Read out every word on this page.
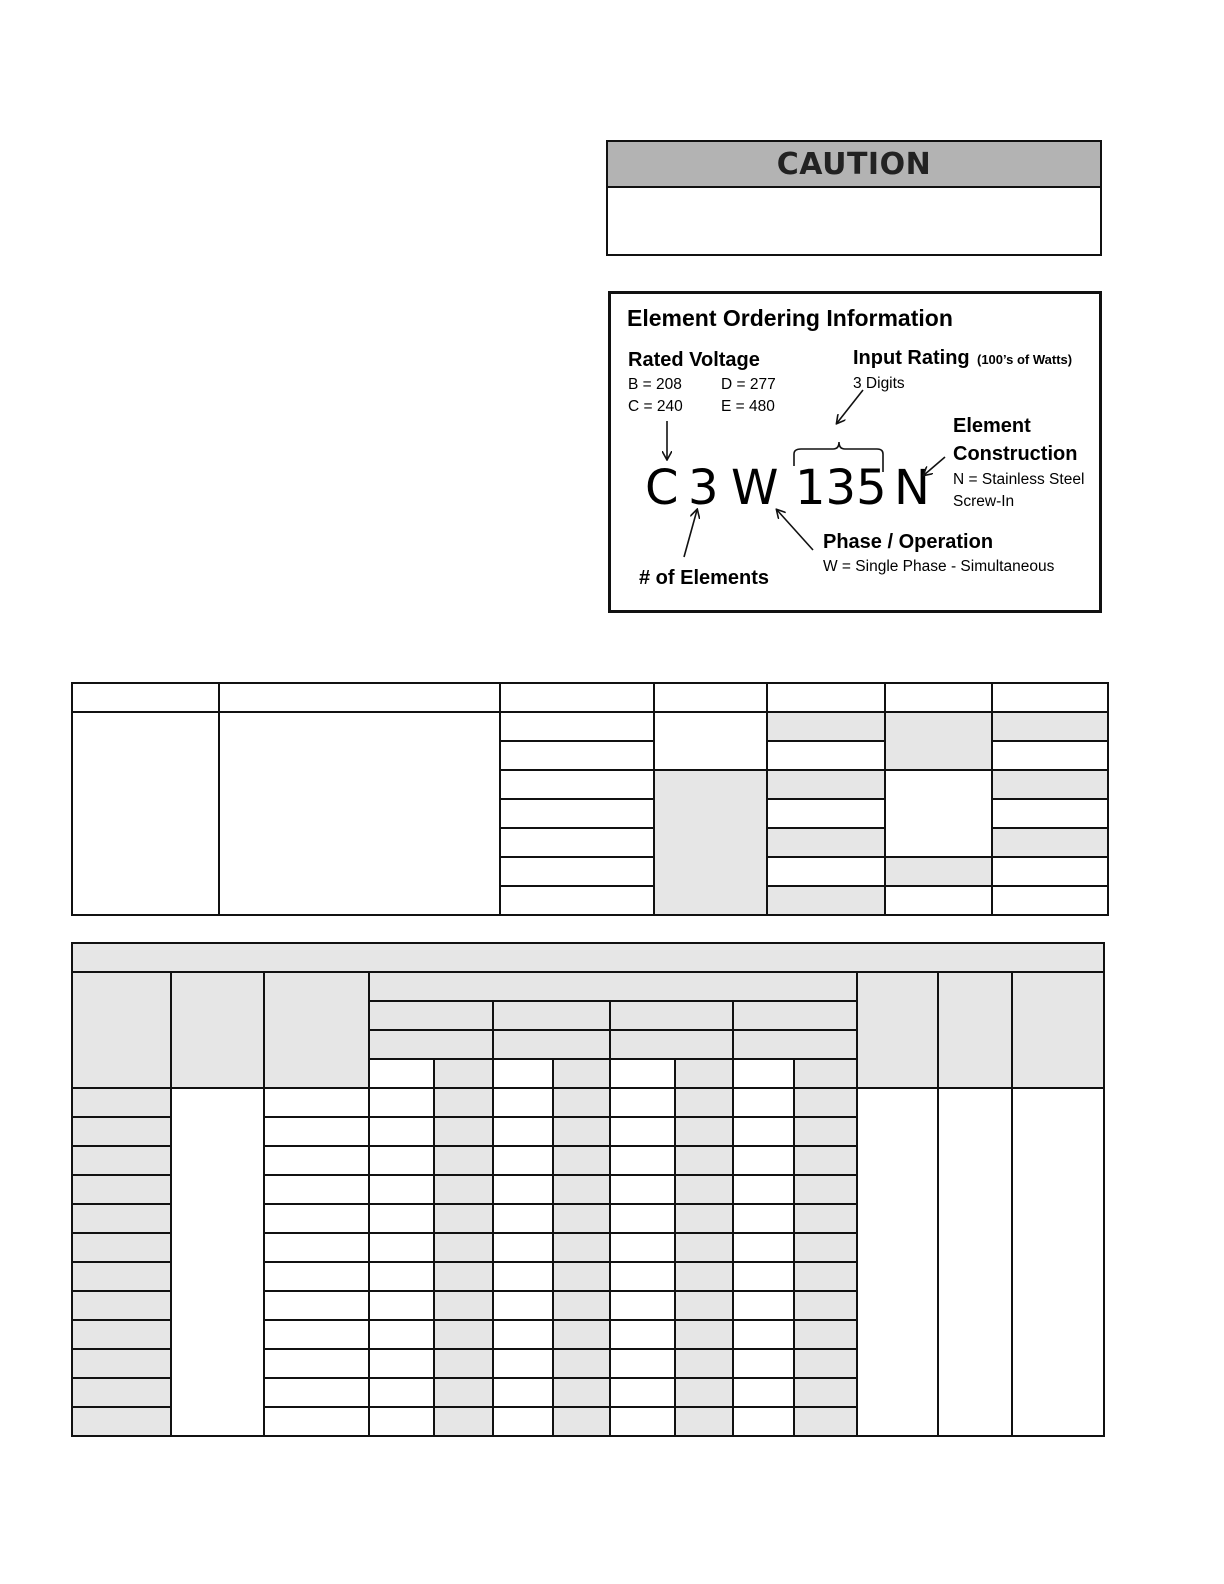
CAUTION
Element Ordering Information
Rated Voltage
B = 208	D = 277
C = 240 E = 480
Input Rating (100’s of Watts)
3 Digits
Element
Construction
N = Stainless Steel
Screw-In
C 3 W 135 N
Phase / Operation
W = Single Phase - Simultaneous
# of Elements
